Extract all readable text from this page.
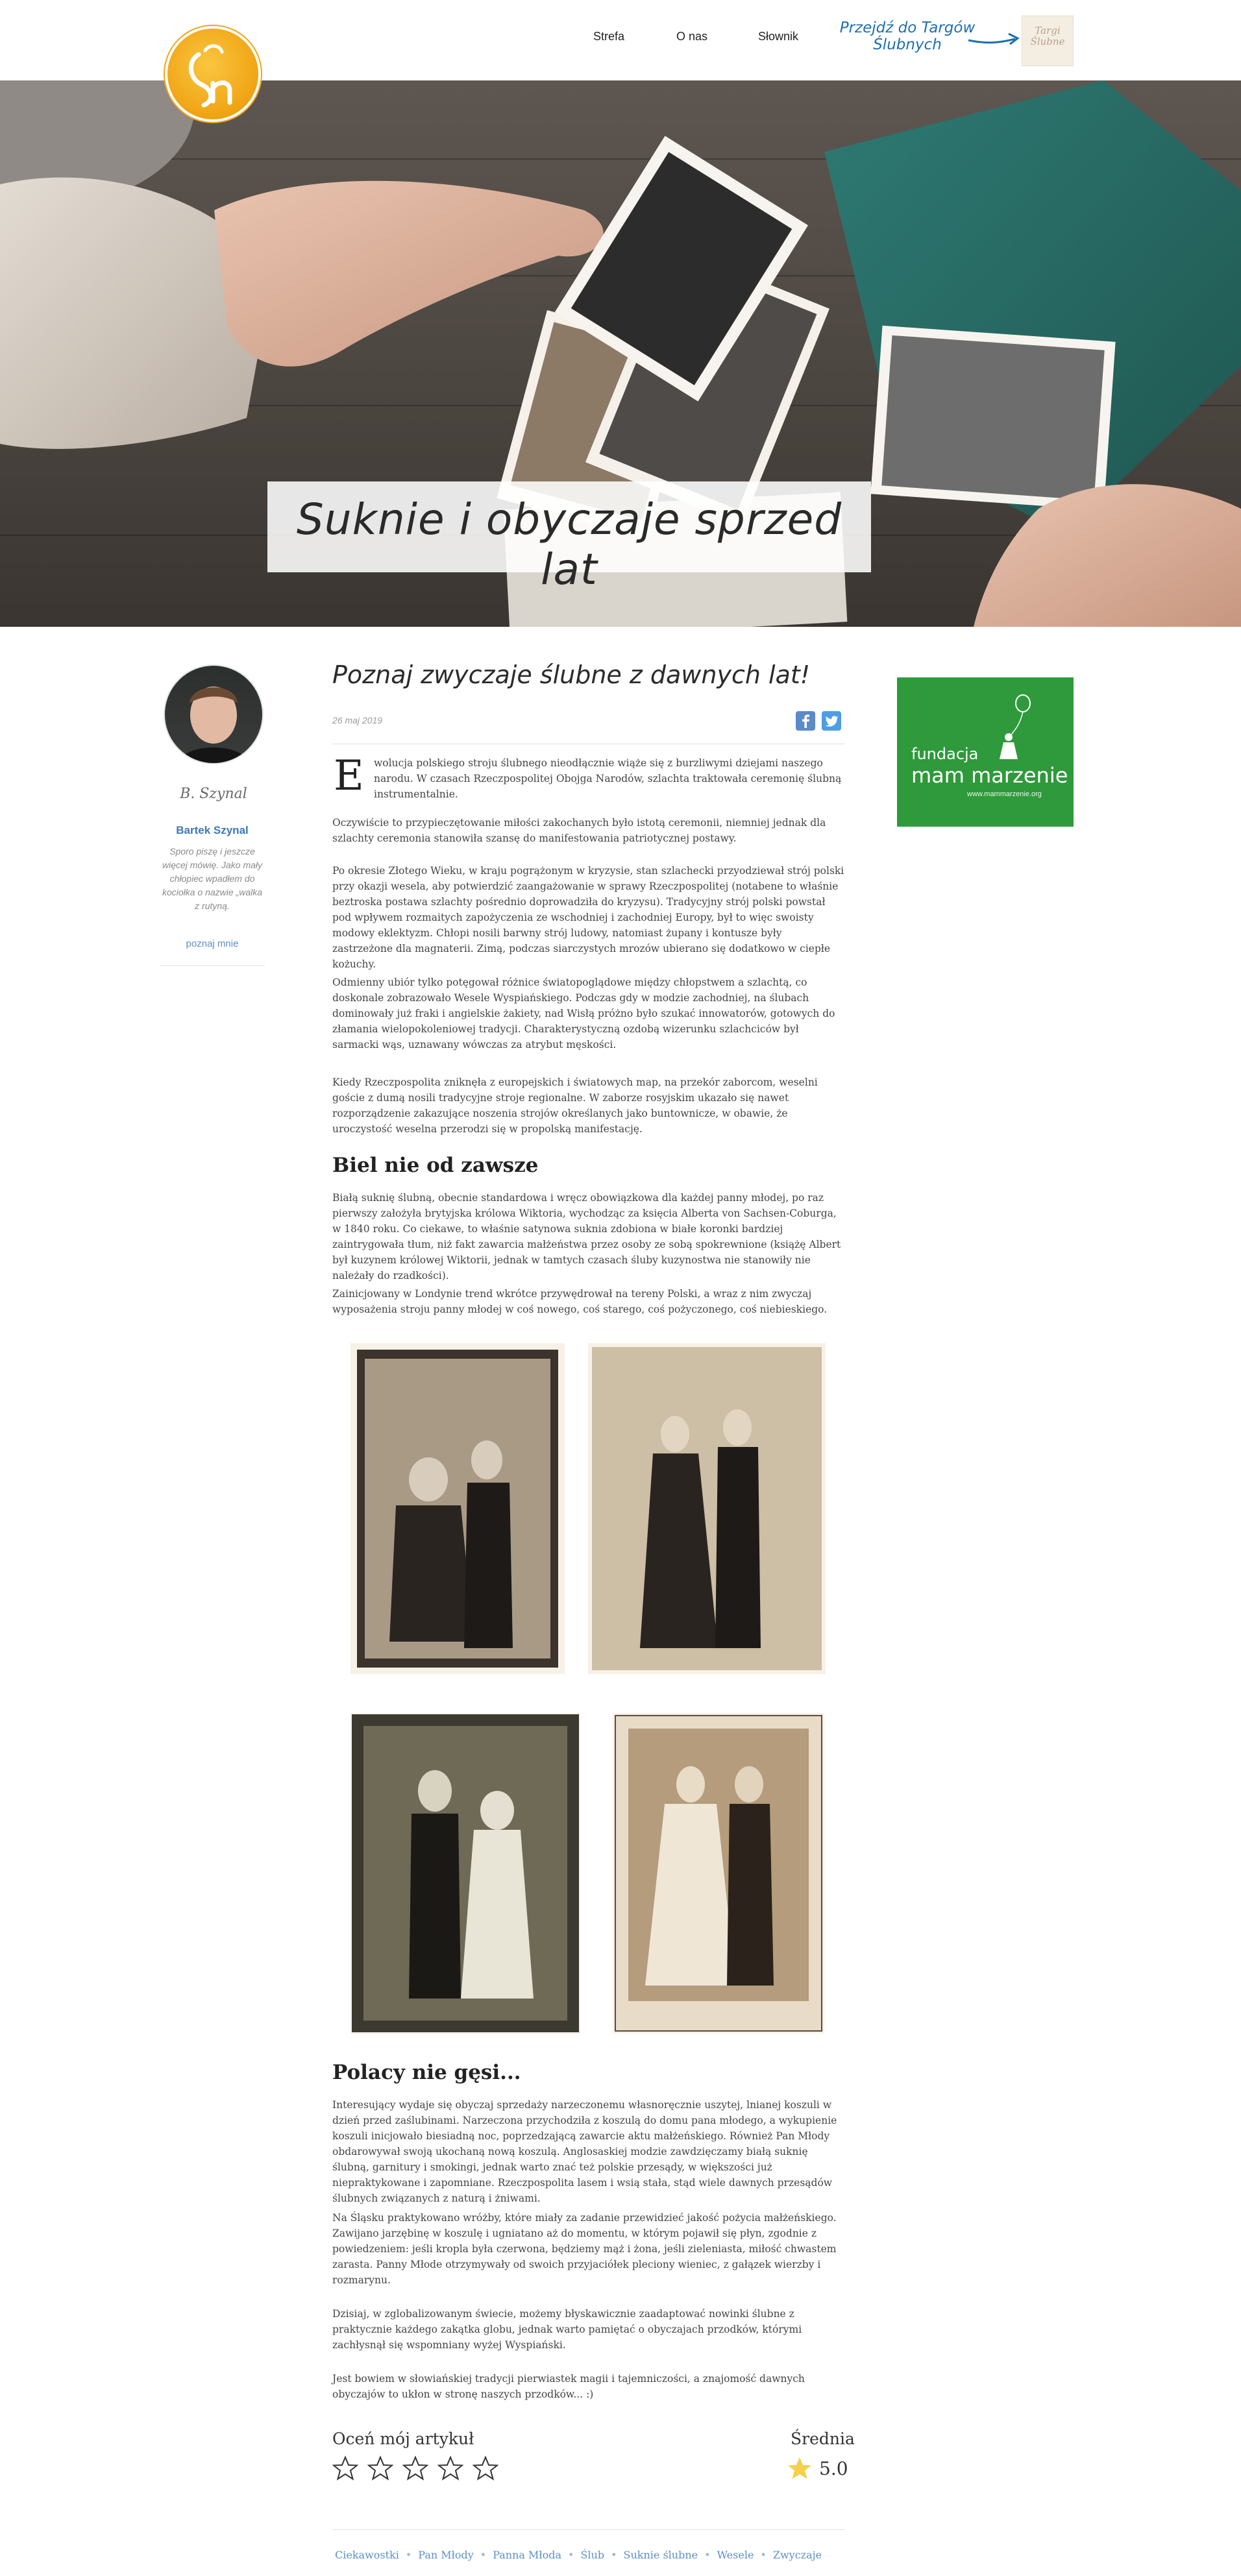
Strefa	O nas	Słownik	Przejdź do Targów Ślubnych
Targi
Ślubne
Suknie i obyczaje sprzed lat
B. Szynal
Bartek Szynal
Sporo piszę i jeszcze więcej mówię. Jako mały chłopiec wpadłem do kociołka o nazwie „walka z rutyną.
poznaj mnie
Poznaj zwyczaje ślubne z dawnych lat!
26 maj 2019
E wolucja polskiego stroju ślubnego nieodłącznie wiąże się z burzliwymi dziejami naszego narodu. W czasach Rzeczpospolitej Obojga Narodów, szlachta traktowała ceremonię ślubną instrumentalnie.
Oczywiście to przypieczętowanie miłości zakochanych było istotą ceremonii, niemniej jednak dla szlachty ceremonia stanowiła szansę do manifestowania patriotycznej postawy.
Po okresie Złotego Wieku, w kraju pogrążonym w kryzysie, stan szlachecki przyodziewał strój polski przy okazji wesela, aby potwierdzić zaangażowanie w sprawy Rzeczpospolitej (notabene to właśnie beztroska postawa szlachty pośrednio doprowadziła do kryzysu). Tradycyjny strój polski powstał pod wpływem rozmaitych zapożyczenia ze wschodniej i zachodniej Europy, był to więc swoisty modowy eklektyzm. Chłopi nosili barwny strój ludowy, natomiast żupany i kontusze były zastrzeżone dla magnaterii. Zimą, podczas siarczystych mrozów ubierano się dodatkowo w ciepłe kożuchy.
Odmienny ubiór tylko potęgował różnice światopoglądowe między chłopstwem a szlachtą, co doskonale zobrazowało Wesele Wyspiańskiego. Podczas gdy w modzie zachodniej, na ślubach dominowały już fraki i angielskie żakiety, nad Wisłą próżno było szukać innowatorów, gotowych do złamania wielopokoleniowej tradycji. Charakterystyczną ozdobą wizerunku szlachciców był sarmacki wąs, uznawany wówczas za atrybut męskości.
Kiedy Rzeczpospolita zniknęła z europejskich i światowych map, na przekór zaborcom, weselni goście z dumą nosili tradycyjne stroje regionalne. W zaborze rosyjskim ukazało się nawet rozporządzenie zakazujące noszenia strojów określanych jako buntownicze, w obawie, że uroczystość weselna przerodzi się w propolską manifestację.
Biel nie od zawsze
Białą suknię ślubną, obecnie standardowa i wręcz obowiązkowa dla każdej panny młodej, po raz pierwszy założyła brytyjska królowa Wiktoria, wychodząc za księcia Alberta von Sachsen-Coburga, w 1840 roku. Co ciekawe, to właśnie satynowa suknia zdobiona w białe koronki bardziej zaintrygowała tłum, niż fakt zawarcia małżeństwa przez osoby ze sobą spokrewnione (książę Albert był kuzynem królowej Wiktorii, jednak w tamtych czasach śluby kuzynostwa nie stanowiły nie należały do rzadkości).
Zainicjowany w Londynie trend wkrótce przywędrował na tereny Polski, a wraz z nim zwyczaj wyposażenia stroju panny młodej w coś nowego, coś starego, coś pożyczonego, coś niebieskiego.
Polacy nie gęsi...
Interesujący wydaje się obyczaj sprzedaży narzeczonemu własnoręcznie uszytej, lnianej koszuli w dzień przed zaślubinami. Narzeczona przychodziła z koszulą do domu pana młodego, a wykupienie koszuli inicjowało biesiadną noc, poprzedzającą zawarcie aktu małżeńskiego. Również Pan Młody obdarowywał swoją ukochaną nową koszulą. Anglosaskiej modzie zawdzięczamy białą suknię ślubną, garnitury i smokingi, jednak warto znać też polskie przesądy, w większości już niepraktykowane i zapomniane. Rzeczpospolita lasem i wsią stała, stąd wiele dawnych przesądów ślubnych związanych z naturą i żniwami.
Na Śląsku praktykowano wróżby, które miały za zadanie przewidzieć jakość pożycia małżeńskiego. Zawijano jarzębinę w koszulę i ugniatano aż do momentu, w którym pojawił się płyn, zgodnie z powiedzeniem: jeśli kropla była czerwona, będziemy mąż i żona, jeśli zieleniasta, miłość chwastem zarasta. Panny Młode otrzymywały od swoich przyjaciółek pleciony wieniec, z gałązek wierzby i rozmarynu.
Dzisiaj, w zglobalizowanym świecie, możemy błyskawicznie zaadaptować nowinki ślubne z praktycznie każdego zakątka globu, jednak warto pamiętać o obyczajach przodków, którymi zachłysnął się wspomniany wyżej Wyspiański.
Jest bowiem w słowiańskiej tradycji pierwiastek magii i tajemniczości, a znajomość dawnych obyczajów to ukłon w stronę naszych przodków... :)
fundacja
mam marzenie
www.mammarzenie.org
Oceń mój artykuł	Średnia
5.0
Ciekawostki • Pan Młody • Panna Młoda • Ślub • Suknie ślubne • Wesele • Zwyczaje
